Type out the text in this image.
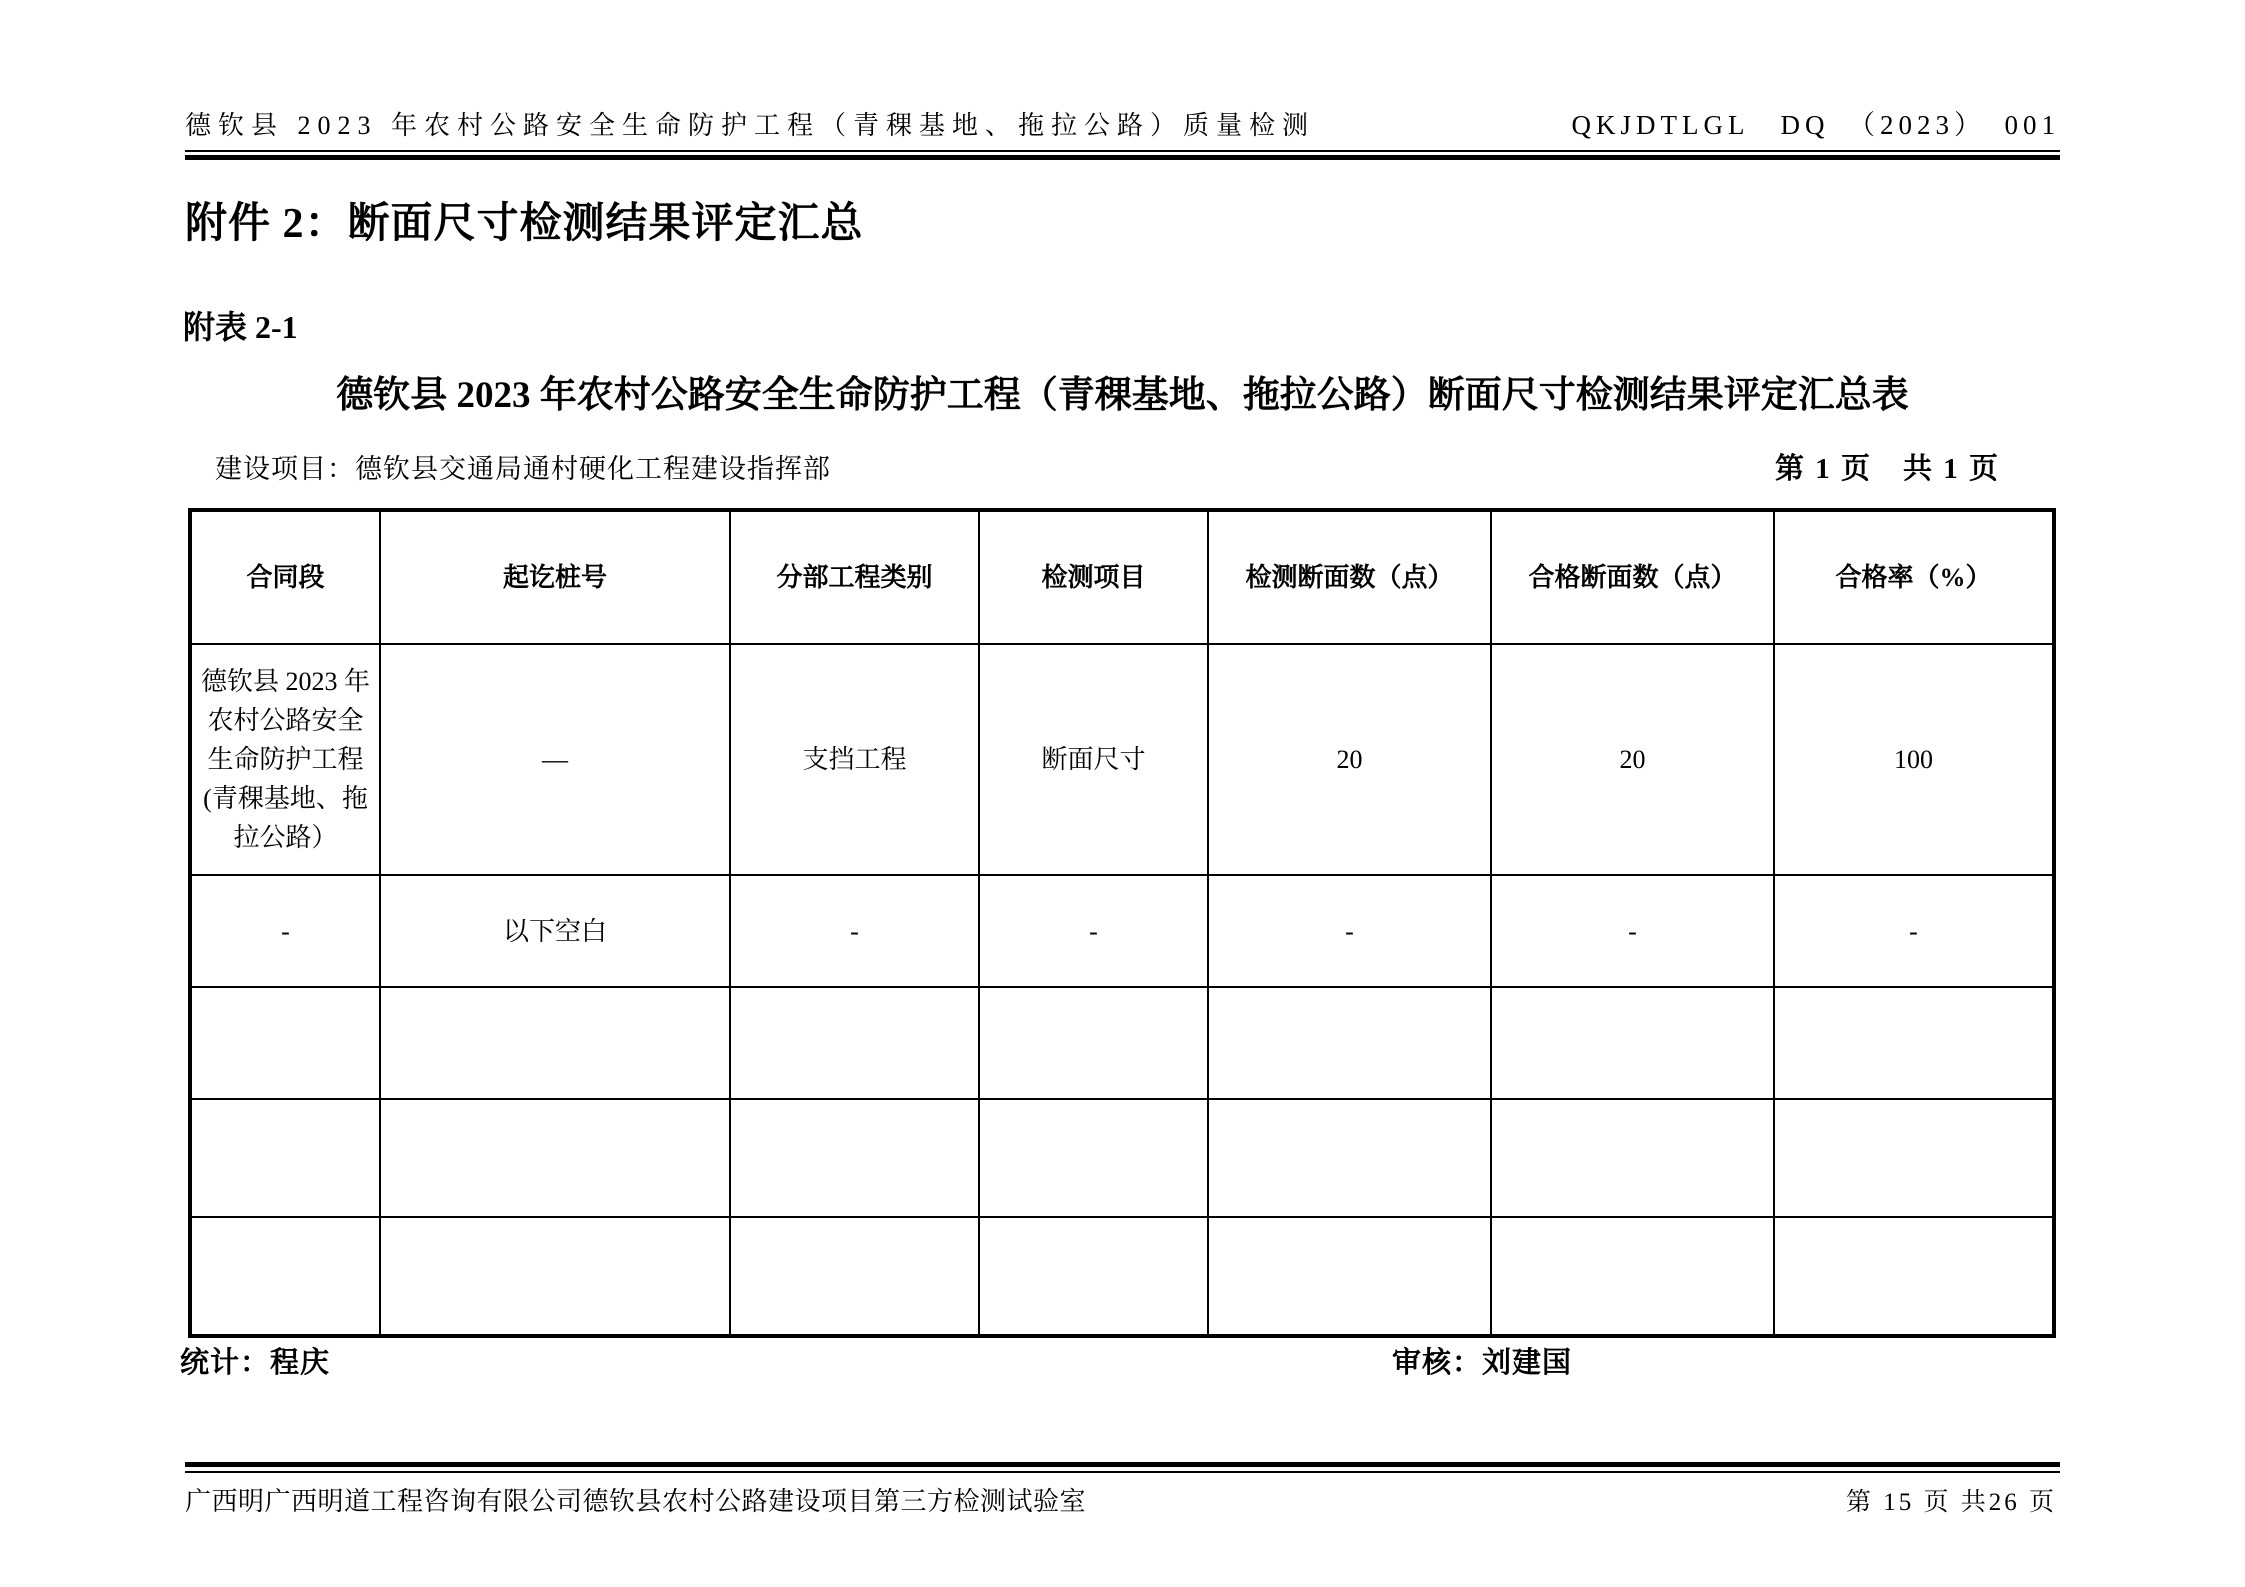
德钦县 2023 年农村公路安全生命防护工程（青稞基地、拖拉公路）质量检测	QKJDTLGL　DQ　（2023）　001
附件 2：断面尺寸检测结果评定汇总
附表 2-1
德钦县 2023 年农村公路安全生命防护工程（青稞基地、拖拉公路）断面尺寸检测结果评定汇总表
建设项目：德钦县交通局通村硬化工程建设指挥部	第 1 页　共 1 页
合同段	起讫桩号	分部工程类别	检测项目	检测断面数（点）	合格断面数（点）	合格率（%）
德钦县 2023 年农村公路安全生命防护工程(青稞基地、拖拉公路）	—	支挡工程	断面尺寸	20	20	100
-	以下空白	-	-	-	-	-

统计：程庆	审核：刘建国
广西明广西明道工程咨询有限公司德钦县农村公路建设项目第三方检测试验室	第 15 页 共26 页
